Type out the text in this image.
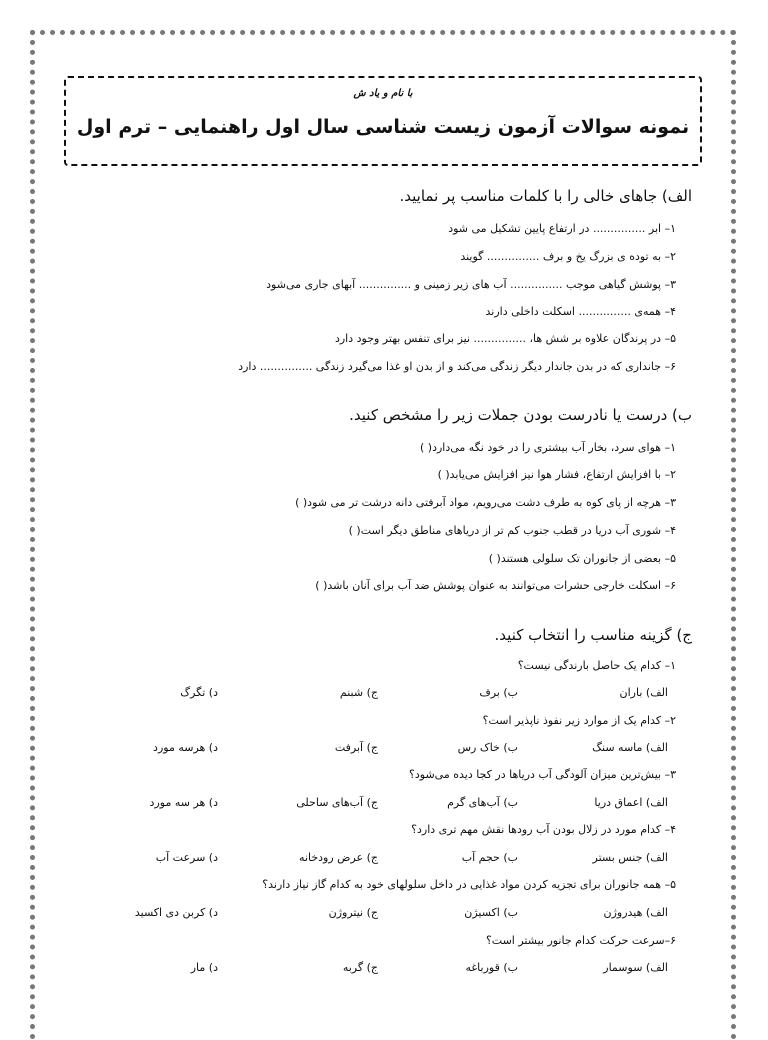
با نام و یاد ش
نمونه سوالات آزمون زیست شناسی سال اول راهنمایی – ترم اول
الف) جاهای خالی را با کلمات مناسب پر نمایید.
۱– ابر ............... در ارتفاع پایین تشکیل می‌ شود
۲– به توده ی بزرگ یخ و برف ............... گویند
۳– پوشش گیاهی موجب ............... آب های زیر زمینی و ............... آبهای جاری می‌شود
۴– همه‌ی ............... اسکلت داخلی دارند
۵– در پرندگان علاوه بر شش ها، ............... نیز برای تنفس بهتر وجود دارد
۶– جانداری که در بدن جاندار دیگر زندگی می‌کند و از بدن او غذا می‌گیرد زندگی ............... دارد
ب) درست یا نادرست بودن جملات زیر را مشخص کنید.
۱– هوای سرد، بخار آب بیشتری را در خود نگه می‌دارد( )
۲– با افزایش ارتفاع، فشار هوا نیز افزایش می‌یابد( )
۳– هرچه از پای کوه به طرف دشت می‌رویم، مواد آبرفتی دانه درشت تر می شود( )
۴– شوری آب دریا در قطب جنوب کم تر از دریاهای مناطق دیگر است( )
۵– بعضی از جانوران تک سلولی هستند( )
۶– اسکلت خارجی حشرات می‌توانند به عنوان پوشش ضد آب برای آنان باشد( )
ج) گزینه مناسب را انتخاب کنید.
۱– کدام یک حاصل بارندگی نیست؟
الف) باران
ب) برف
ج) شبنم
د) تگرگ
۲– کدام یک از موارد زیر نفوذ ناپذیر است؟
الف) ماسه سنگ
ب) خاک رس
ج) آبرفت
د) هرسه مورد
۳– بیش‌ترین میزان آلودگی آب دریاها در کجا دیده می‌شود؟
الف) اعماق دریا
ب) آب‌های گرم
ج) آب‌های ساحلی
د) هر سه مورد
۴– کدام مورد در زلال بودن آب رودها نقش مهم تری دارد؟
الف) جنس بستر
ب) حجم آب
ج) عرض رودخانه
د) سرعت آب
۵– همه جانوران برای تجزیه کردن مواد غذایی در داخل سلولهای خود به کدام گاز نیاز دارند؟
الف) هیدروژن
ب) اکسیژن
ج) نیتروژن
د) کربن دی اکسید
۶–سرعت حرکت کدام جانور بیشتر است؟
الف) سوسمار
ب) قورباغه
ج) گربه
د) مار
